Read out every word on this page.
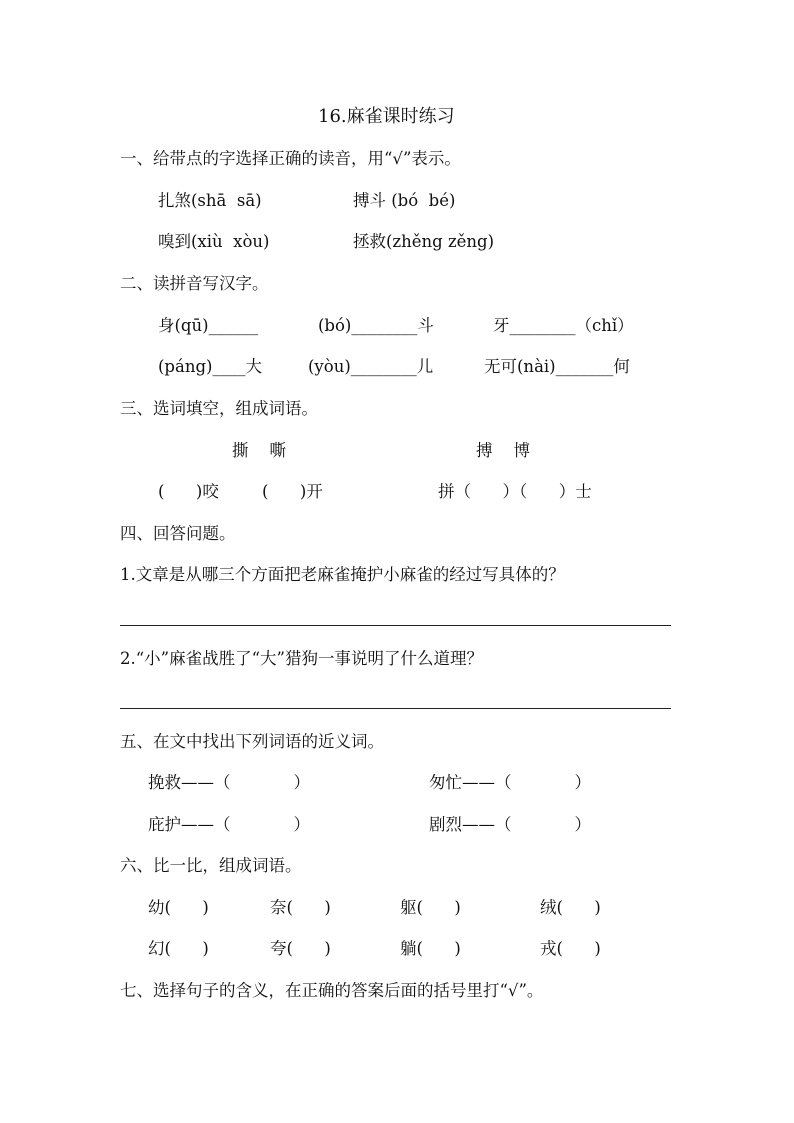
16.麻雀课时练习
一、给带点的字选择正确的读音，用“√”表示。
扎煞(shā  sā)	搏斗 (bó  bé)
嗅到(xiù  xòu)	拯救(zhěng zěng)
二、读拼音写汉字。
身(qū)______	(bó)________斗	牙________（chǐ）
(páng)____大	(yòu)________儿	无可(nài)_______何
三、选词填空，组成词语。
撕    嘶	搏    博
(      )咬	(      )开	拼（      ）（      ）士
四、回答问题。
1.文章是从哪三个方面把老麻雀掩护小麻雀的经过写具体的？
2.“小”麻雀战胜了“大”猎狗一事说明了什么道理？
五、在文中找出下列词语的近义词。
挽救——（            ）	匆忙——（            ）
庇护——（            ）	剧烈——（            ）
六、比一比，组成词语。
幼(      )	奈(      )	躯(      )	绒(      )
幻(      )	夸(      )	躺(      )	戎(      )
七、选择句子的含义，在正确的答案后面的括号里打“√”。
